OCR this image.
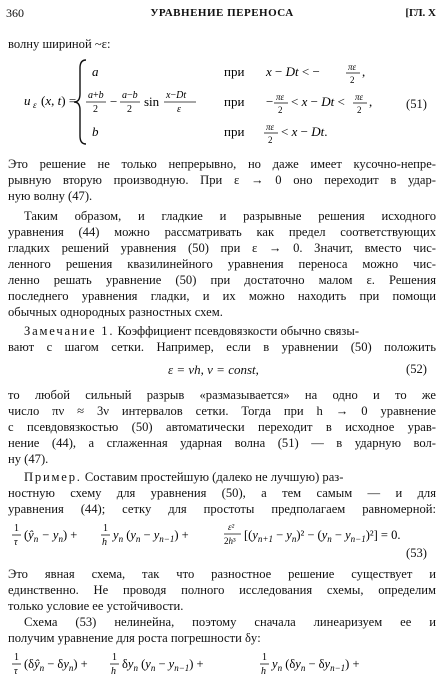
360	УРАВНЕНИЕ ПЕРЕНОСА	[ГЛ. X
волну шириной ~ε:
u ε (x, t) =
a	при x − Dt < −	πε
2
,
a+b
2
− a−b
2
sin x−Dt
ε
при − πε
2
< x − Dt < πε
2
,
b	при πε
2
< x − Dt.
(51)
Это решение не только непрерывно, но даже имеет кусочно-непре-
рывную вторую производную. При ε → 0 оно переходит в удар-
ную волну (47).
Таким образом, и гладкие и разрывные решения исходного
уравнения (44) можно рассматривать как предел соответствующих
гладких решений уравнения (50) при ε → 0. Значит, вместо чис-
ленного решения квазилинейного уравнения переноса можно чис-
ленно решать уравнение (50) при достаточно малом ε. Решения
последнего уравнения гладки, и их можно находить при помощи
обычных однородных разностных схем.
Замечание 1. Коэффициент псевдовязкости обычно связы-
вают с шагом сетки. Например, если в уравнении (50) положить
ε = νh, ν = const,	(52)
то любой сильный разрыв «размазывается» на одно и то же
число πν ≈ 3ν интервалов сетки. Тогда при h → 0 уравнение
с псевдовязкостью (50) автоматически переходит в исходное урав-
нение (44), а сглаженная ударная волна (51) — в ударную вол-
ну (47).
Пример. Составим простейшую (далеко не лучшую) раз-
ностную схему для уравнения (50), а тем самым — и для
уравнения (44); сетку для простоты предполагаем равномерной:
1
τ
$(ŷ_n - y_n)$ +	1
h
$y_n$ $(y_n - y_{n-1})$ +
ε²
2h³ $[(y_{n+1} - y_n)^2 - (y_n - y_{n-1})^2] = 0$.
(53)
Это явная схема, так что разностное решение существует и
единственно. Не проводя полного исследования схемы, определим
только условие ее устойчивости.
Схема (53) нелинейна, поэтому сначала линеаризуем ее и
получим уравнение для роста погрешности δy:
1
τ
$(\delta ŷ_n - \delta y_n) + 1$
h
$\delta y_n$ $(y_n - y_{n-1})$ +	1
h
$y_n$ $(\delta y_n - \delta y_{n-1})$ +
